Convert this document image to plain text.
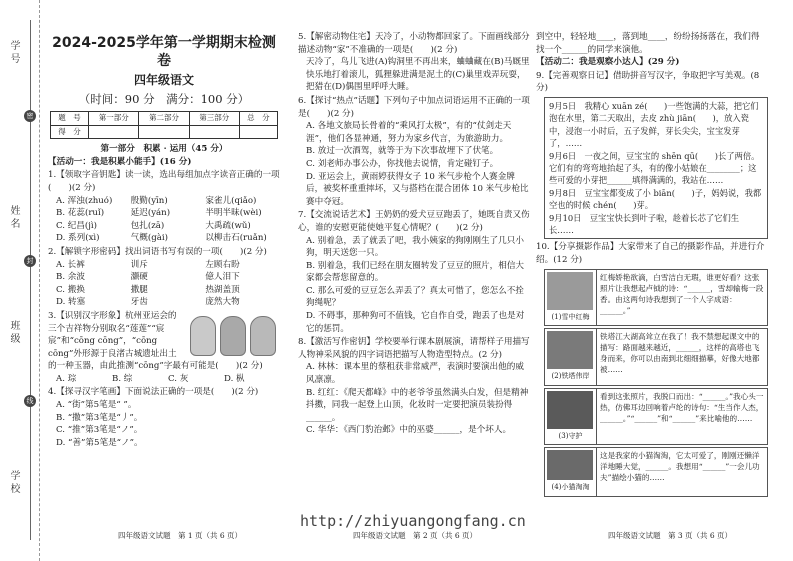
学 校
班 级
姓 名
学 号
密
封
线
2024-2025学年第一学期期末检测卷
四年级语文
（时间：90 分　满分：100 分）
题　号	第一部分	第二部分	第三部分	总　分
得　分				
第一部分　积累 · 运用（45 分）
【活动一：我是积累小能手】(16 分)
1.【领取字音钥匙】读一读，选出每组加点字读音正确的一项(　　)(2 分)
A. 浑浊(zhuó)	殷勤(yīn)	家雀儿(qiǎo)
B. 花蕊(ruǐ)	延迟(yán)	半明半昧(wèi)
C. 纪昌(jì)	包扎(zā)	大禹疏(wǔ)
D. 系列(xì)	气概(gài)	以柳击石(ruǎn)
2.【解锁字形密码】找出词语书写有误的一项(　　)(2 分)
A. 长裤	训斥	左顾右盼
B. 余波	灏硬	億人泪下
C. 搬换	撒腿	热湖盖顶
D. 转塞	牙齿	庞然大物
3.【识别汉字形象】杭州亚运会的三个吉祥物分别取名“莲莲”“宸宸”和“cōng cōng”，“cōng cōng”外形源于良渚古城遗址出土的一种玉器，由此推测“cōng”字最有可能是(　　)(2 分)
A. 琮	B. 综	C. 灰	D. 枞
4.【探寻汉字笔画】下面说法正确的一项是(　　)(2 分)
A. “街”第5笔是“ ”。
B. “撒”第3笔是“丿”。
C. “推”第3笔是“ノ”。
D. “善”第5笔是“ノ”。
四年级语文试题　第 1 页（共 6 页）
5.【解密动物住宅】天冷了，小动物都回家了。下面画线部分描述动物“家”不准确的一项是(　　)(2 分)
天冷了，鸟儿飞进(A)钩洞里不再出来，蛐蛐藏在(B)马厩里快乐地打着滚儿，狐狸躲进满是泥土的(C)巢里戏弄玩耍，把猎在(D)偶围里呼呼大睡。
6.【探讨“热点”话题】下列句子中加点词语运用不正确的一项是(　　)(2 分)
A. 各地文旅局长骨着的“乘风打太极”，有的“仗剑走天涯”，他们各显神通，努力为家乡代言，为旅游助力。
B. 放过一次酒驾，就等于为下次事故埋下了伏笔。
C. 刘老师办事公办，你找他去说情，肯定碰钉子。
D. 亚运会上，黄雨婷获得女子 10 米气步枪个人赛金牌后，被奖杯重重摔坏，又与搭档在混合团体 10 米气步枪比赛中夺冠。
7.【交流说话艺术】王奶奶的爱犬豆豆跑丢了，她既自责又伤心，谁的安慰更能使她平复心情呢？(　　)(2 分)
A. 别着急，丢了就丢了吧，我小姨家的狗刚刚生了几只小狗，明天送您一只。
B. 别着急，我们已经在朋友圈转发了豆豆的照片，相信大家都会帮您留意的。
C. 那么可爱的豆豆怎么弄丢了？真太可惜了，您怎么不拴狗绳呢？
D. 不碍事，那种狗可不值钱，它自作自受，跑丢了也是对它的惩罚。
8.【激活写作密钥】学校要举行课本剧展演，请帮样子用描写人物神采风貌的四字词语把描写人物造型特点。(2 分)
A. 林林：课本里的蔡租获非常威严，表演时要演出他的威风凛凛。
B. 红红：《爬天都峰》中的老爷爷虽然满头白发，但是精神抖擞，同我一起登上山顶，化妆时一定要把演员装扮得______。
C. 华华：《西门豹治邺》中的巫婆______，是个坏人。
四年级语文试题　第 2 页（共 6 页）
到空中，轻轻地____，落到地____，纷纷扬扬落在，我们得找一个______的同学来演他。
【活动二：我是观察小达人】(29 分)
9.【完善观察日记】借助拼音写汉字，争取把字写美观。(8 分)
9月5日　我精心 xuān zé(　　)一些饱满的大蒜，把它们泡在水里，第二天取出，去皮 zhù jiān(　　)，放入瓷中，浸泡一小时后，五子发鲜，芽长尖尖，宝宝发芽了，……
9月6日　一夜之间，豆宝宝的 shēn qū(　　)长了两倍。它们有的弯弯地抬起了头，有的像小姑娘在________；这些可爱的小芽把______填得满满的，我站在……
9月8日　豆宝宝都变成了小 biān(　　)子，妈妈说，我都空也的时候 chén(　　)芽。
9月10日　豆宝宝快长到叶子啦，趁着长芯了它们生长……
10.【分享摄影作品】大家带来了自己的摄影作品，并进行介绍。(12 分)
(1)雪中红梅
红梅娇艳欲滴，白雪洁白无瑕，谁更好看？这张照片让我想起卢钺的诗：“______，雪却输梅一段香。由这两句诗我想到了一个人字成语：______。”
(2)铁塔伟岸
铁塔江大湖高耸立在我了！我不禁想起课文中的描写：路面越来越近，______，这样的高塔也飞身而来，你可以由南到北细细描摹，好像大地都被……
(3)守护
看到这张照片，我脱口而出：“______。”我心头一热，仿佛耳边回响着卢纶的诗句：“生当作人杰，______。”“______”和“______”来比喻他的……
(4)小猫淘淘
这是我家的小猫淘淘，它太可爱了，刚刚还懒洋洋地睡大觉，______。我想用“______”一会儿功夫”描绘小猫的……
四年级语文试题　第 3 页（共 6 页）
http://zhiyuangongfang.cn
